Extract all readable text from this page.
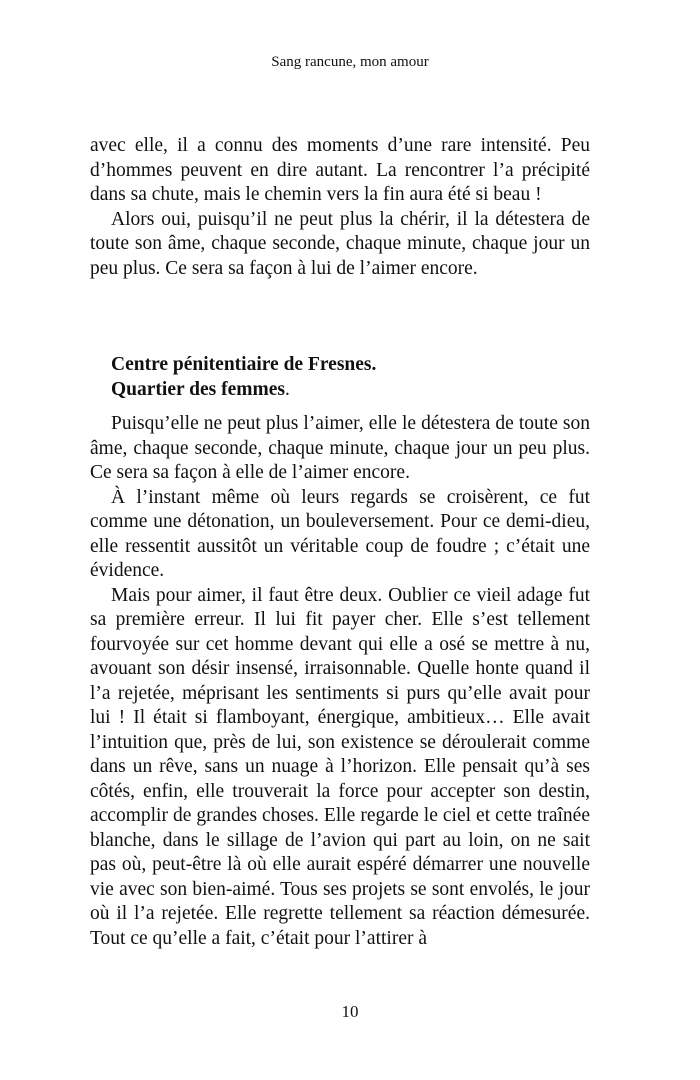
Sang rancune, mon amour

avec elle, il a connu des moments d’une rare intensité. Peu d’hommes peuvent en dire autant. La rencontrer l’a précipité dans sa chute, mais le chemin vers la fin aura été si beau !

Alors oui, puisqu’il ne peut plus la chérir, il la détestera de toute son âme, chaque seconde, chaque minute, chaque jour un peu plus. Ce sera sa façon à lui de l’aimer encore.

Centre pénitentiaire de Fresnes.
Quartier des femmes.

Puisqu’elle ne peut plus l’aimer, elle le détestera de toute son âme, chaque seconde, chaque minute, chaque jour un peu plus. Ce sera sa façon à elle de l’aimer encore.

À l’instant même où leurs regards se croisèrent, ce fut comme une détonation, un bouleversement. Pour ce demi-dieu, elle ressentit aussitôt un véritable coup de foudre ; c’était une évidence.

Mais pour aimer, il faut être deux. Oublier ce vieil adage fut sa première erreur. Il lui fit payer cher. Elle s’est tellement fourvoyée sur cet homme devant qui elle a osé se mettre à nu, avouant son désir insensé, irraisonnable. Quelle honte quand il l’a rejetée, méprisant les sentiments si purs qu’elle avait pour lui ! Il était si flamboyant, énergique, ambitieux… Elle avait l’intuition que, près de lui, son existence se déroulerait comme dans un rêve, sans un nuage à l’horizon. Elle pensait qu’à ses côtés, enfin, elle trouverait la force pour accepter son destin, accomplir de grandes choses. Elle regarde le ciel et cette traînée blanche, dans le sillage de l’avion qui part au loin, on ne sait pas où, peut-être là où elle aurait espéré démarrer une nouvelle vie avec son bien-aimé. Tous ses projets se sont envolés, le jour où il l’a rejetée. Elle regrette tellement sa réaction démesurée. Tout ce qu’elle a fait, c’était pour l’attirer à

10
